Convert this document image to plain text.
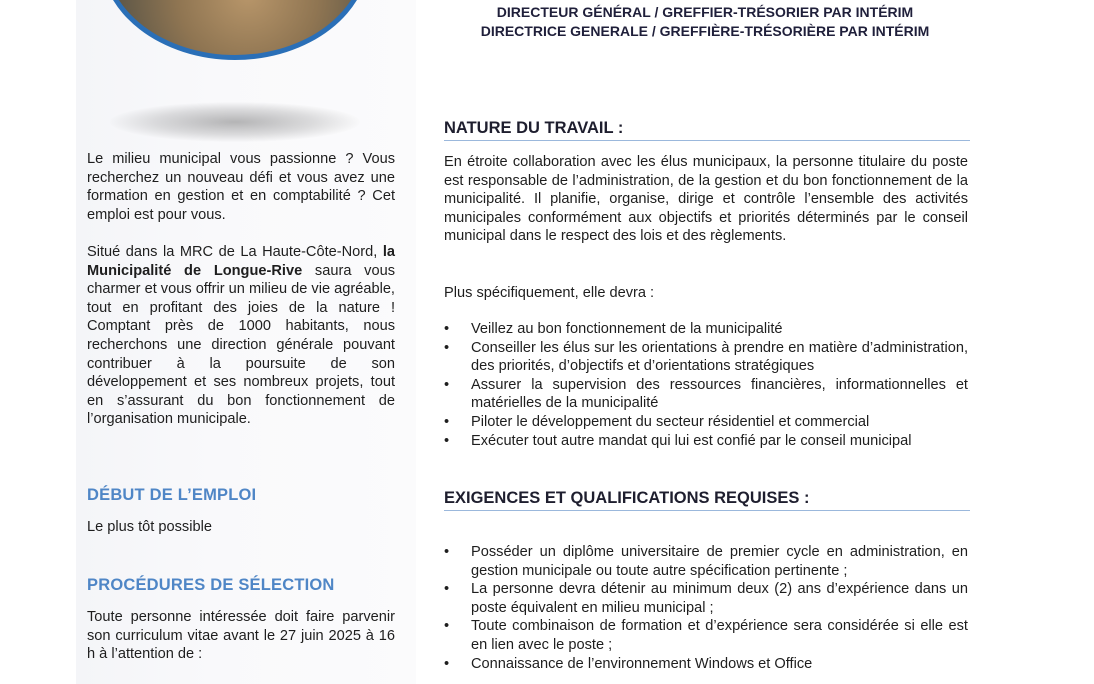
DIRECTEUR GÉNÉRAL / GREFFIER-TRÉSORIER PAR INTÉRIM
DIRECTRICE GENERALE / GREFFIÈRE-TRÉSORIÈRE PAR INTÉRIM
Le milieu municipal vous passionne ? Vous recherchez un nouveau défi et vous avez une formation en gestion et en comptabilité ? Cet emploi est pour vous.
Situé dans la MRC de La Haute-Côte-Nord, la Municipalité de Longue-Rive saura vous charmer et vous offrir un milieu de vie agréable, tout en profitant des joies de la nature ! Comptant près de 1000 habitants, nous recherchons une direction générale pouvant contribuer à la poursuite de son développement et ses nombreux projets, tout en s’assurant du bon fonctionnement de l’organisation municipale.
DÉBUT DE L’EMPLOI
Le plus tôt possible
PROCÉDURES DE SÉLECTION
Toute personne intéressée doit faire parvenir son curriculum vitae avant le 27 juin 2025 à 16 h à l’attention de :
NATURE DU TRAVAIL :
En étroite collaboration avec les élus municipaux, la personne titulaire du poste est responsable de l’administration, de la gestion et du bon fonctionnement de la municipalité. Il planifie, organise, dirige et contrôle l’ensemble des activités municipales conformément aux objectifs et priorités déterminés par le conseil municipal dans le respect des lois et des règlements.
Plus spécifiquement, elle devra :
•	Veillez au bon fonctionnement de la municipalité
•	Conseiller les élus sur les orientations à prendre en matière d’administration, des priorités, d’objectifs et d’orientations stratégiques
•	Assurer la supervision des ressources financières, informationnelles et matérielles de la municipalité
•	Piloter le développement du secteur résidentiel et commercial
•	Exécuter tout autre mandat qui lui est confié par le conseil municipal
EXIGENCES ET QUALIFICATIONS REQUISES :
•	Posséder un diplôme universitaire de premier cycle en administration, en gestion municipale ou toute autre spécification pertinente ;
•	La personne devra détenir au minimum deux (2) ans d’expérience dans un poste équivalent en milieu municipal ;
•	Toute combinaison de formation et d’expérience sera considérée si elle est en lien avec le poste ;
•	Connaissance de l’environnement Windows et Office
